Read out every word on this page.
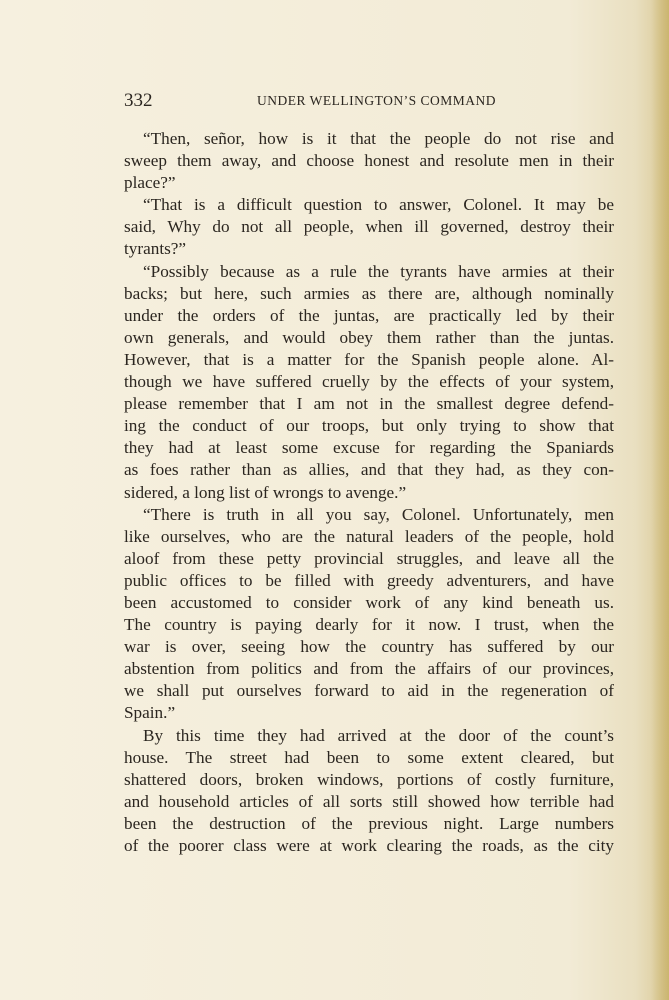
332	UNDER WELLINGTON’S COMMAND
“Then, señor, how is it that the people do not rise and
sweep them away, and choose honest and resolute men in their
place?”
“That is a difficult question to answer, Colonel. It may be
said, Why do not all people, when ill governed, destroy their
tyrants?”
“Possibly because as a rule the tyrants have armies at their
backs; but here, such armies as there are, although nominally
under the orders of the juntas, are practically led by their
own generals, and would obey them rather than the juntas.
However, that is a matter for the Spanish people alone. Al-
though we have suffered cruelly by the effects of your system,
please remember that I am not in the smallest degree defend-
ing the conduct of our troops, but only trying to show that
they had at least some excuse for regarding the Spaniards
as foes rather than as allies, and that they had, as they con-
sidered, a long list of wrongs to avenge.”
“There is truth in all you say, Colonel. Unfortunately, men
like ourselves, who are the natural leaders of the people, hold
aloof from these petty provincial struggles, and leave all the
public offices to be filled with greedy adventurers, and have
been accustomed to consider work of any kind beneath us.
The country is paying dearly for it now. I trust, when the
war is over, seeing how the country has suffered by our
abstention from politics and from the affairs of our provinces,
we shall put ourselves forward to aid in the regeneration of
Spain.”
By this time they had arrived at the door of the count’s
house. The street had been to some extent cleared, but
shattered doors, broken windows, portions of costly furniture,
and household articles of all sorts still showed how terrible had
been the destruction of the previous night. Large numbers
of the poorer class were at work clearing the roads, as the city
